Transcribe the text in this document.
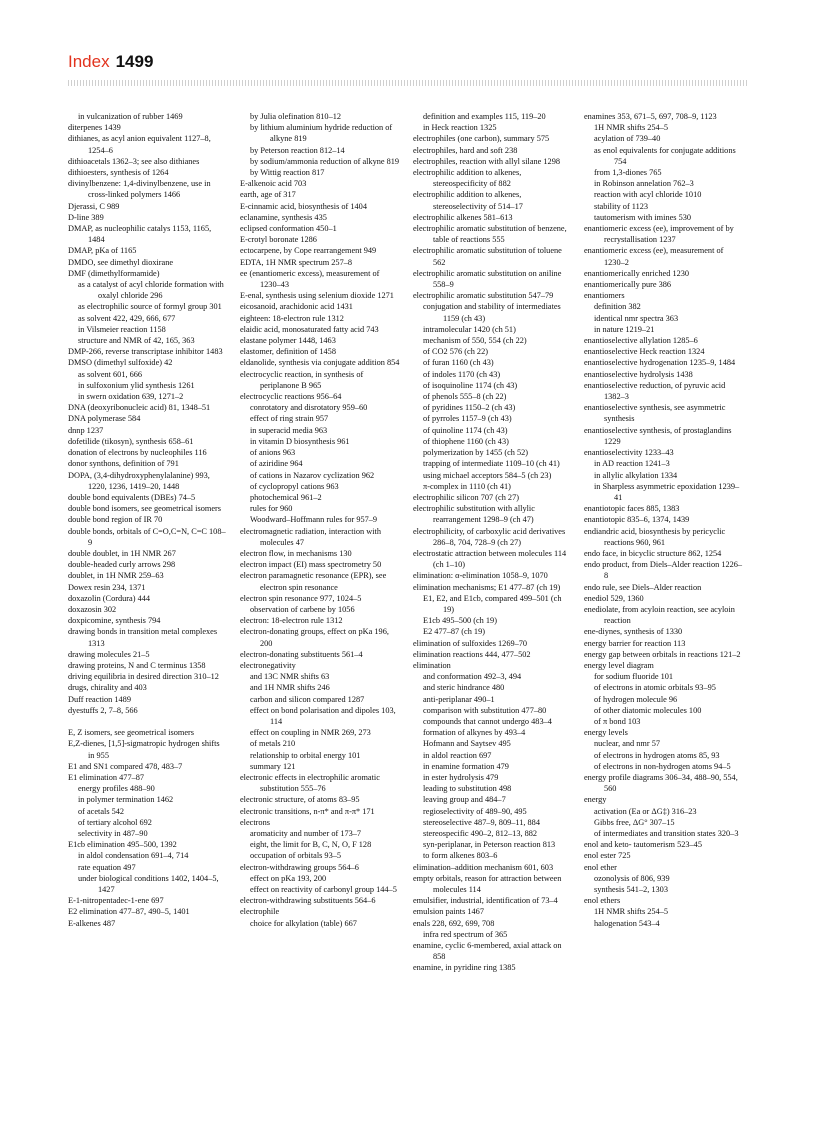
Index 1499
in vulcanization of rubber 1469
diterpenes 1439
dithianes, as acyl anion equivalent 1127–8, 1254–6
dithioacetals 1362–3; see also dithianes
dithioesters, synthesis of 1264
divinylbenzene: 1,4-divinylbenzene, use in cross-linked polymers 1466
Djerassi, C 989
D-line 389
DMAP, as nucleophilic catalys 1153, 1165, 1484
DMAP, pKa of 1165
DMDO, see dimethyl dioxirane
DMF (dimethylformamide)
as a catalyst of acyl chloride formation with oxalyl chloride 296
as electrophilic source of formyl group 301
as solvent 422, 429, 666, 677
in Vilsmeier reaction 1158
structure and NMR of 42, 165, 363
DMP-266, reverse transcriptase inhibitor 1483
DMSO (dimethyl sulfoxide) 42
as solvent 601, 666
in sulfoxonium ylid synthesis 1261
in swern oxidation 639, 1271–2
DNA (deoxyribonucleic acid) 81, 1348–51
DNA polymerase 584
dnnp 1237
dofetilide (tikosyn), synthesis 658–61
donation of electrons by nucleophiles 116
donor synthons, definition of 791
DOPA, (3,4-dihydroxyphenylalanine) 993, 1220, 1236, 1419–20, 1448
double bond equivalents (DBEs) 74–5
double bond isomers, see geometrical isomers
double bond region of IR 70
double bonds, orbitals of C=O,C=N, C=C 108–9
double doublet, in 1H NMR 267
double-headed curly arrows 298
doublet, in 1H NMR 259–63
Dowex resin 234, 1371
doxazolin (Cordura) 444
doxazosin 302
doxpicomine, synthesis 794
drawing bonds in transition metal complexes 1313
drawing molecules 21–5
drawing proteins, N and C terminus 1358
driving equilibria in desired direction 310–12
drugs, chirality and 403
Duff reaction 1489
dyestuffs 2, 7–8, 566
E, Z isomers, see geometrical isomers
E,Z-dienes, [1,5]-sigmatropic hydrogen shifts in 955
E1 and SN1 compared 478, 483–7
E1 elimination 477–87
energy profiles 488–90
in polymer termination 1462
of acetals 542
of tertiary alcohol 692
selectivity in 487–90
E1cb elimination 495–500, 1392
in aldol condensation 691–4, 714
rate equation 497
under biological conditions 1402, 1404–5, 1427
E-1-nitropentadec-1-ene 697
E2 elimination 477–87, 490–5, 1401
E-alkenes 487
by Julia olefination 810–12
by lithium aluminium hydride reduction of alkyne 819
by Peterson reaction 812–14
by sodium/ammonia reduction of alkyne 819
by Wittig reaction 817
E-alkenoic acid 703
earth, age of 317
E-cinnamic acid, biosynthesis of 1404
eclanamine, synthesis 435
eclipsed conformation 450–1
E-crotyl boronate 1286
ectocarpene, by Cope rearrangement 949
EDTA, 1H NMR spectrum 257–8
ee (enantiomeric excess), measurement of 1230–43
E-enal, synthesis using selenium dioxide 1271
eicosanoid, arachidonic acid 1431
eighteen: 18-electron rule 1312
elaidic acid, monosaturated fatty acid 743
elastane polymer 1448, 1463
elastomer, definition of 1458
eldanolide, synthesis via conjugate addition 854
electrocyclic reaction, in synthesis of periplanone B 965
electrocyclic reactions 956–64
conrotatory and disrotatory 959–60
effect of ring strain 957
in superacid media 963
in vitamin D biosynthesis 961
of anions 963
of aziridine 964
of cations in Nazarov cyclization 962
of cyclopropyl cations 963
photochemical 961–2
rules for 960
Woodward–Hoffmann rules for 957–9
electromagnetic radiation, interaction with molecules 47
electron flow, in mechanisms 130
electron impact (EI) mass spectrometry 50
electron paramagnetic resonance (EPR), see electron spin resonance
electron spin resonance 977, 1024–5
observation of carbene by 1056
electron: 18-electron rule 1312
electron-donating groups, effect on pKa 196, 200
electron-donating substituents 561–4
electronegativity
and 13C NMR shifts 63
and 1H NMR shifts 246
carbon and silicon compared 1287
effect on bond polarisation and dipoles 103, 114
effect on coupling in NMR 269, 273
of metals 210
relationship to orbital energy 101
summary 121
electronic effects in electrophilic aromatic substitution 555–76
electronic structure, of atoms 83–95
electronic transitions, n-π* and π-π* 171
electrons
aromaticity and number of 173–7
eight, the limit for B, C, N, O, F 128
occupation of orbitals 93–5
electron-withdrawing groups 564–6
effect on pKa 193, 200
effect on reactivity of carbonyl group 144–5
electron-withdrawing substituents 564–6
electrophile
choice for alkylation (table) 667
definition and examples 115, 119–20
in Heck reaction 1325
electrophiles (one carbon), summary 575
electrophiles, hard and soft 238
electrophiles, reaction with allyl silane 1298
electrophilic addition to alkenes, stereospecificity of 882
electrophilic addition to alkenes, stereoselectivity of 514–17
electrophilic alkenes 581–613
electrophilic aromatic substitution of benzene, table of reactions 555
electrophilic aromatic substitution of toluene 562
electrophilic aromatic substitution on aniline 558–9
electrophilic aromatic substitution 547–79
conjugation and stability of intermediates 1159 (ch 43)
intramolecular 1420 (ch 51)
mechanism of 550, 554 (ch 22)
of CO2 576 (ch 22)
of furan 1160 (ch 43)
of indoles 1170 (ch 43)
of isoquinoline 1174 (ch 43)
of phenols 555–8 (ch 22)
of pyridines 1150–2 (ch 43)
of pyrroles 1157–9 (ch 43)
of quinoline 1174 (ch 43)
of thiophene 1160 (ch 43)
polymerization by 1455 (ch 52)
trapping of intermediate 1109–10 (ch 41)
using michael acceptors 584–5 (ch 23)
π-complex in 1110 (ch 41)
electrophilic silicon 707 (ch 27)
electrophilic substitution with allylic rearrangement 1298–9 (ch 47)
electrophilicity, of carboxylic acid derivatives 286–8, 704, 728–9 (ch 27)
electrostatic attraction between molecules 114 (ch 1–10)
elimination: α-elimination 1058–9, 1070
elimination mechanisms; E1 477–87 (ch 19)
E1, E2, and E1cb, compared 499–501 (ch 19)
E1cb 495–500 (ch 19)
E2 477–87 (ch 19)
elimination of sulfoxides 1269–70
elimination reactions 444, 477–502
elimination
and conformation 492–3, 494
and steric hindrance 480
anti-periplanar 490–1
comparison with substitution 477–80
compounds that cannot undergo 483–4
formation of alkynes by 493–4
Hofmann and Saytsev 495
in aldol reaction 697
in enamine formation 479
in ester hydrolysis 479
leading to substitution 498
leaving group and 484–7
regioselectivity of 489–90, 495
stereoselective 487–9, 809–11, 884
stereospecific 490–2, 812–13, 882
syn-periplanar, in Peterson reaction 813
to form alkenes 803–6
elimination–addition mechanism 601, 603
empty orbitals, reason for attraction between molecules 114
emulsifier, industrial, identification of 73–4
emulsion paints 1467
enals 228, 692, 699, 708
infra red spectrum of 365
enamine, cyclic 6-membered, axial attack on 858
enamine, in pyridine ring 1385
enamines 353, 671–5, 697, 708–9, 1123
1H NMR shifts 254–5
acylation of 739–40
as enol equivalents for conjugate additions 754
from 1,3-diones 765
in Robinson annelation 762–3
reaction with acyl chloride 1010
stability of 1123
tautomerism with imines 530
enantiomeric excess (ee), improvement of by recrystallisation 1237
enantiomeric excess (ee), measurement of 1230–2
enantiomerically enriched 1230
enantiomerically pure 386
enantiomers
definition 382
identical nmr spectra 363
in nature 1219–21
enantioselective allylation 1285–6
enantioselective Heck reaction 1324
enantioselective hydrogenation 1235–9, 1484
enantioselective hydrolysis 1438
enantioselective reduction, of pyruvic acid 1382–3
enantioselective synthesis, see asymmetric synthesis
enantioselective synthesis, of prostaglandins 1229
enantioselectivity 1233–43
in AD reaction 1241–3
in allylic alkylation 1334
in Sharpless asymmetric epoxidation 1239–41
enantiotopic faces 885, 1383
enantiotopic 835–6, 1374, 1439
endiandric acid, biosynthesis by pericyclic reactions 960, 961
endo face, in bicyclic structure 862, 1254
endo product, from Diels–Alder reaction 1226–8
endo rule, see Diels–Alder reaction
enediol 529, 1360
enediolate, from acyloin reaction, see acyloin reaction
ene-diynes, synthesis of 1330
energy barrier for reaction 113
energy gap between orbitals in reactions 121–2
energy level diagram
for sodium fluoride 101
of electrons in atomic orbitals 93–95
of hydrogen molecule 96
of other diatomic molecules 100
of π bond 103
energy levels
nuclear, and nmr 57
of electrons in hydrogen atoms 85, 93
of electrons in non-hydrogen atoms 94–5
energy profile diagrams 306–34, 488–90, 554, 560
energy
activation (Ea or ΔG‡) 316–23
Gibbs free, ΔG° 307–15
of intermediates and transition states 320–3
enol and keto- tautomerism 523–45
enol ester 725
enol ether
ozonolysis of 806, 939
synthesis 541–2, 1303
enol ethers
1H NMR shifts 254–5
halogenation 543–4
